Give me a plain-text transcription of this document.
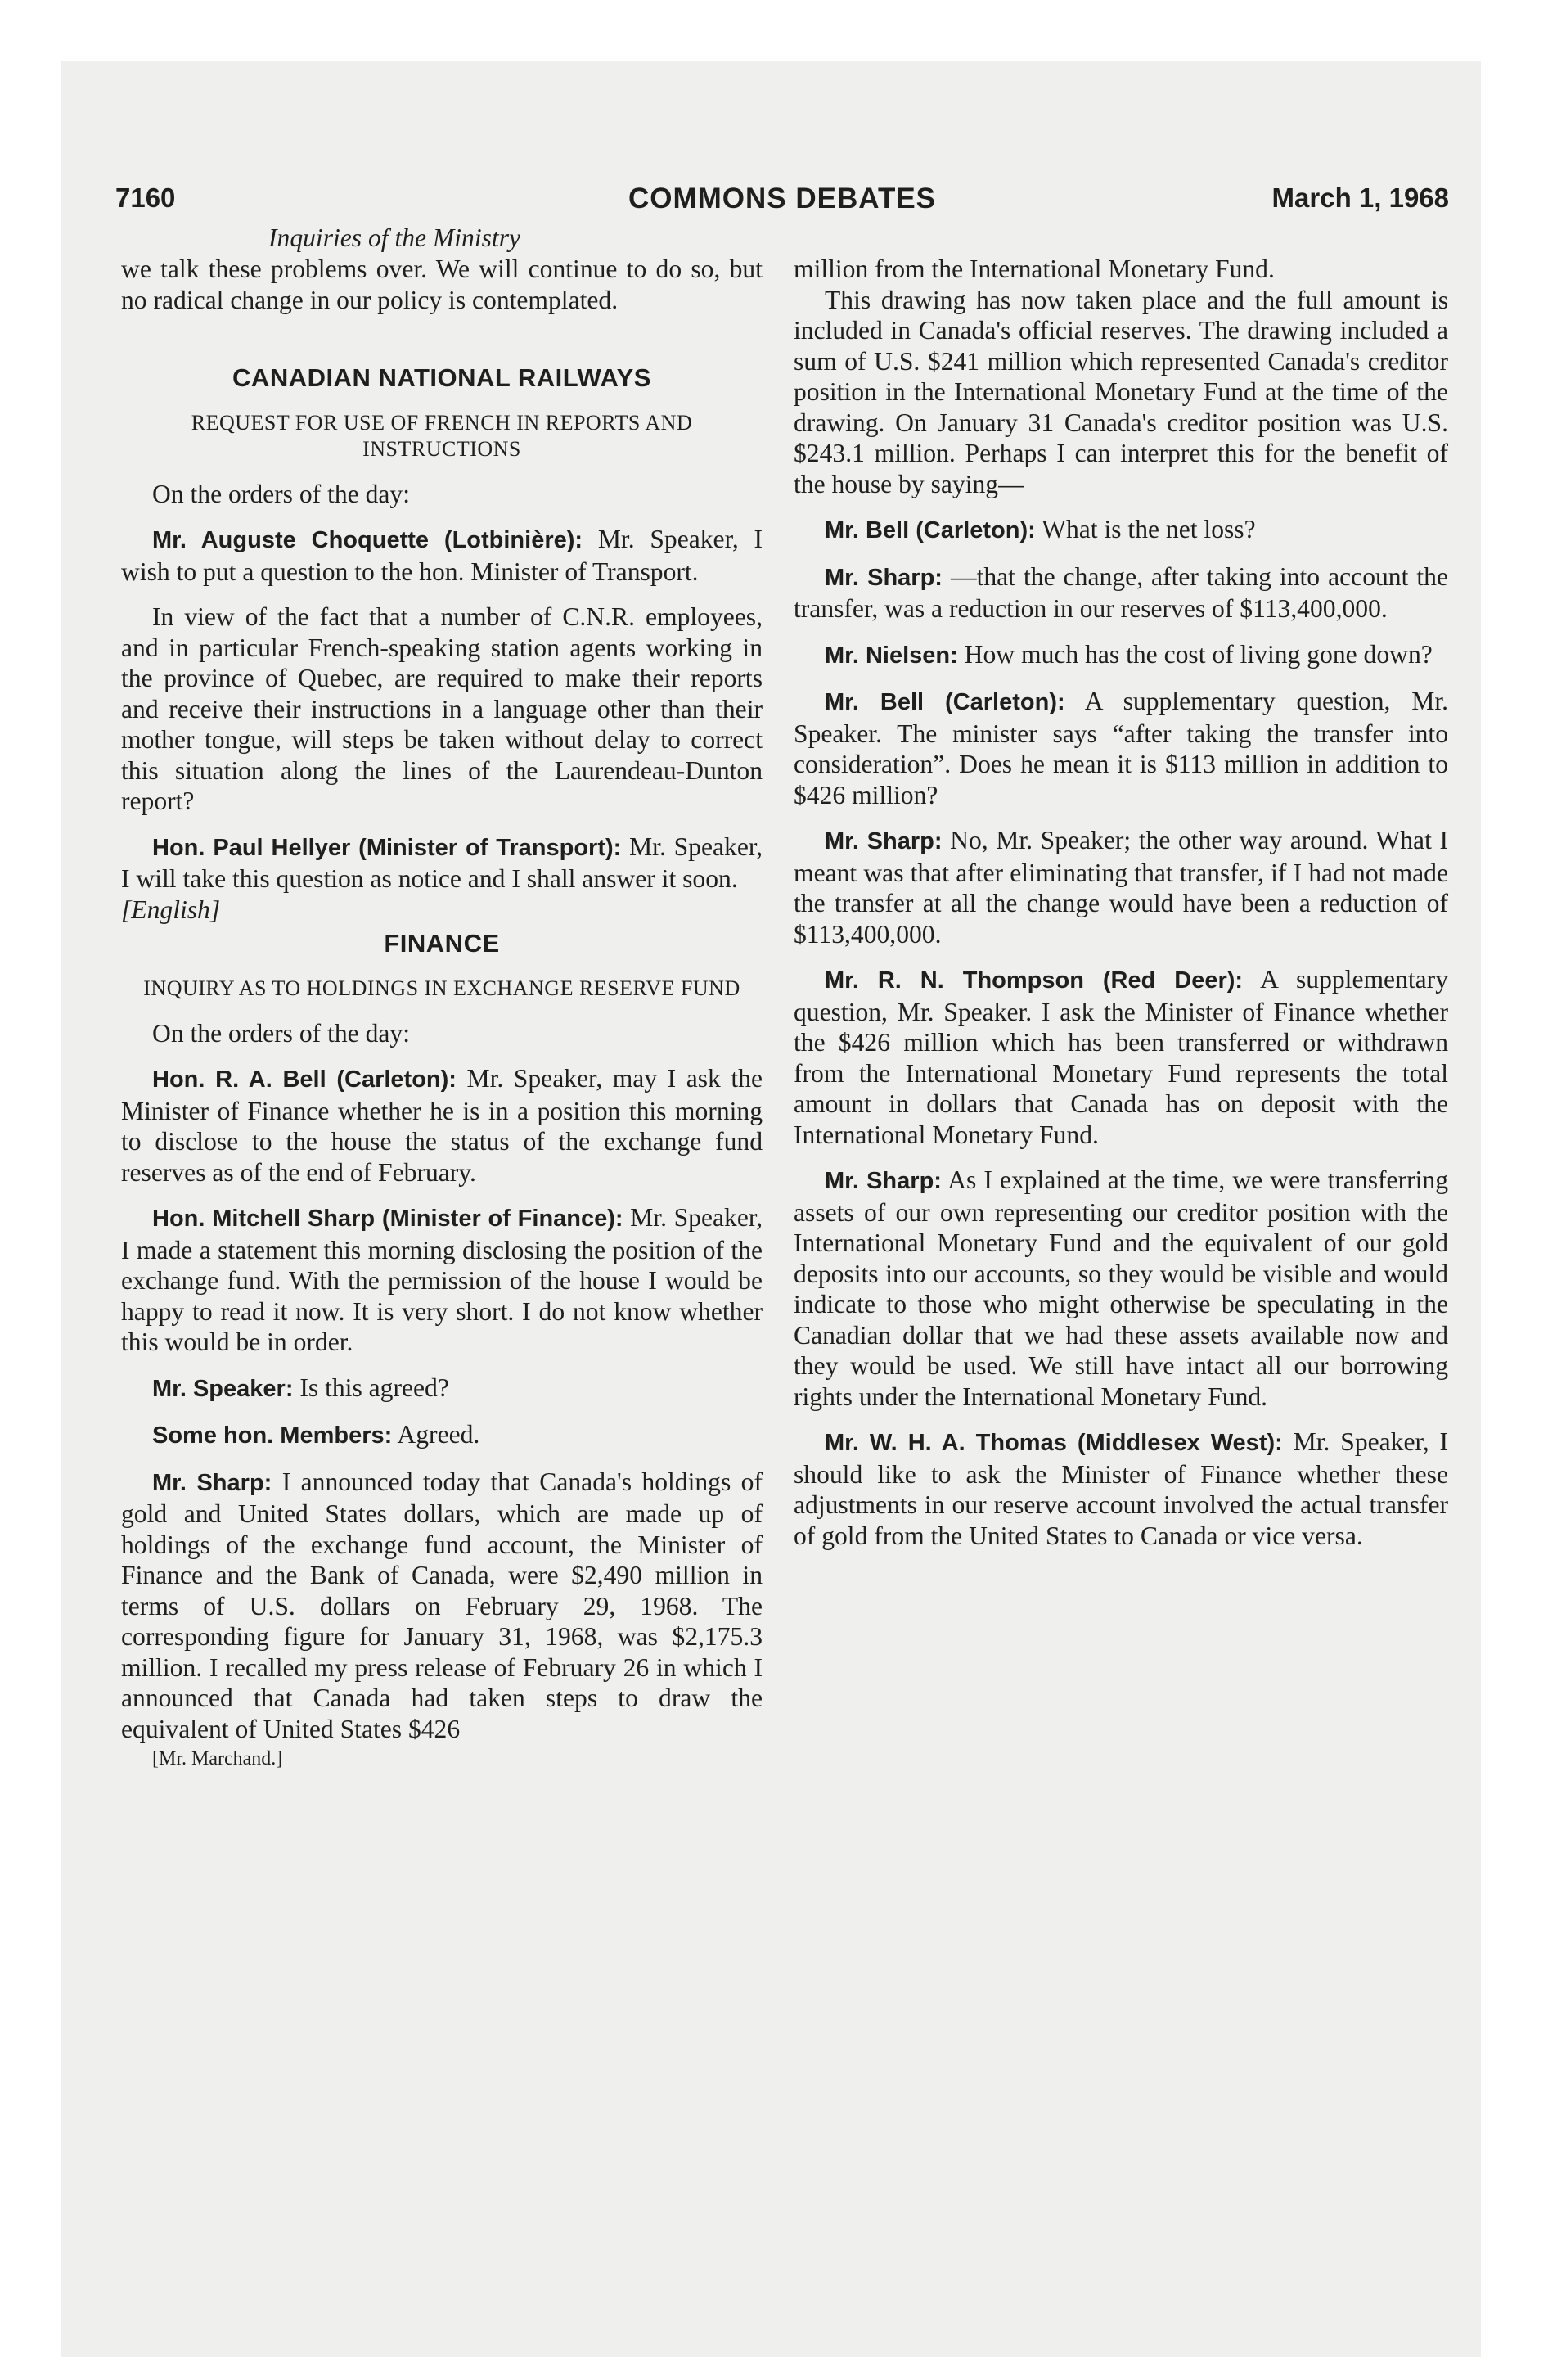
7160	COMMONS DEBATES	March 1, 1968

Inquiries of the Ministry

we talk these problems over. We will continue to do so, but no radical change in our policy is contemplated.

CANADIAN NATIONAL RAILWAYS
REQUEST FOR USE OF FRENCH IN REPORTS AND INSTRUCTIONS

On the orders of the day:

Mr. Auguste Choquette (Lotbinière): Mr. Speaker, I wish to put a question to the hon. Minister of Transport.

In view of the fact that a number of C.N.R. employees, and in particular French-speaking station agents working in the province of Quebec, are required to make their reports and receive their instructions in a language other than their mother tongue, will steps be taken without delay to correct this situation along the lines of the Laurendeau-Dunton report?

Hon. Paul Hellyer (Minister of Transport): Mr. Speaker, I will take this question as notice and I shall answer it soon.

[English]

FINANCE
INQUIRY AS TO HOLDINGS IN EXCHANGE RESERVE FUND

On the orders of the day:

Hon. R. A. Bell (Carleton): Mr. Speaker, may I ask the Minister of Finance whether he is in a position this morning to disclose to the house the status of the exchange fund reserves as of the end of February.

Hon. Mitchell Sharp (Minister of Finance): Mr. Speaker, I made a statement this morning disclosing the position of the exchange fund. With the permission of the house I would be happy to read it now. It is very short. I do not know whether this would be in order.

Mr. Speaker: Is this agreed?

Some hon. Members: Agreed.

Mr. Sharp: I announced today that Canada's holdings of gold and United States dollars, which are made up of holdings of the exchange fund account, the Minister of Finance and the Bank of Canada, were $2,490 million in terms of U.S. dollars on February 29, 1968. The corresponding figure for January 31, 1968, was $2,175.3 million. I recalled my press release of February 26 in which I announced that Canada had taken steps to draw the equivalent of United States $426

[Mr. Marchand.]

million from the International Monetary Fund.

This drawing has now taken place and the full amount is included in Canada's official reserves. The drawing included a sum of U.S. $241 million which represented Canada's creditor position in the International Monetary Fund at the time of the drawing. On January 31 Canada's creditor position was U.S. $243.1 million. Perhaps I can interpret this for the benefit of the house by saying—

Mr. Bell (Carleton): What is the net loss?

Mr. Sharp: —that the change, after taking into account the transfer, was a reduction in our reserves of $113,400,000.

Mr. Nielsen: How much has the cost of living gone down?

Mr. Bell (Carleton): A supplementary question, Mr. Speaker. The minister says “after taking the transfer into consideration”. Does he mean it is $113 million in addition to $426 million?

Mr. Sharp: No, Mr. Speaker; the other way around. What I meant was that after eliminating that transfer, if I had not made the transfer at all the change would have been a reduction of $113,400,000.

Mr. R. N. Thompson (Red Deer): A supplementary question, Mr. Speaker. I ask the Minister of Finance whether the $426 million which has been transferred or withdrawn from the International Monetary Fund represents the total amount in dollars that Canada has on deposit with the International Monetary Fund.

Mr. Sharp: As I explained at the time, we were transferring assets of our own representing our creditor position with the International Monetary Fund and the equivalent of our gold deposits into our accounts, so they would be visible and would indicate to those who might otherwise be speculating in the Canadian dollar that we had these assets available now and they would be used. We still have intact all our borrowing rights under the International Monetary Fund.

Mr. W. H. A. Thomas (Middlesex West): Mr. Speaker, I should like to ask the Minister of Finance whether these adjustments in our reserve account involved the actual transfer of gold from the United States to Canada or vice versa.
